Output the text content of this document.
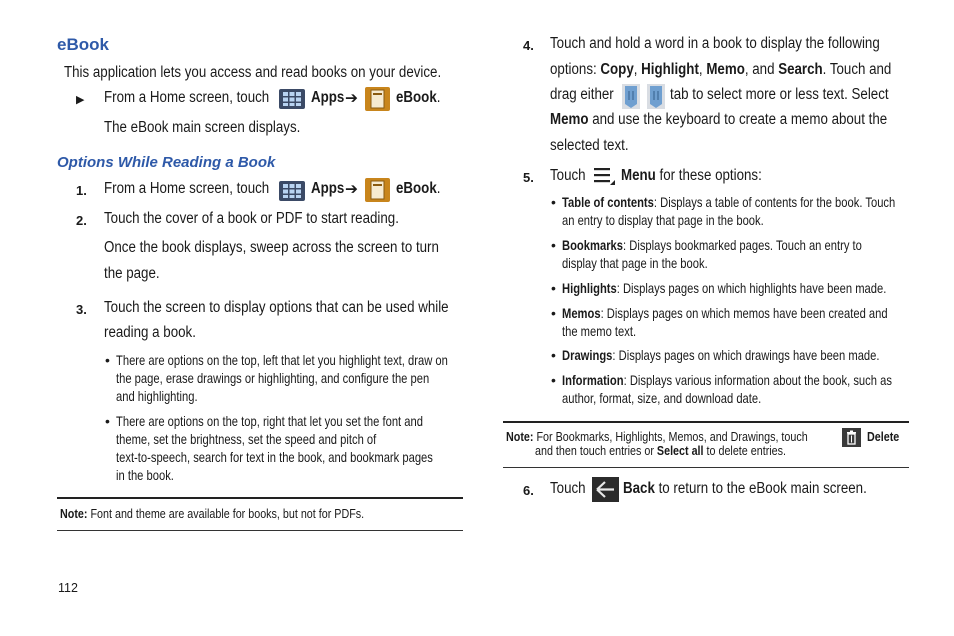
eBook
This application lets you access and read books on your device.
▶ From a Home screen, touch	Apps ➔ eBook.
The eBook main screen displays.
Options While Reading a Book
1. From a Home screen, touch	Apps ➔ eBook.
2. Touch the cover of a book or PDF to start reading.
Once the book displays, sweep across the screen to turn
the page.
3. Touch the screen to display options that can be used while
reading a book.
• There are options on the top, left that let you highlight text, draw on
the page, erase drawings or highlighting, and configure the pen
and highlighting.
• There are options on the top, right that let you set the font and
theme, set the brightness, set the speed and pitch of
text-to-speech, search for text in the book, and bookmark pages
in the book.
Note: Font and theme are available for books, but not for PDFs.
112
4. Touch and hold a word in a book to display the following
options: Copy, Highlight, Memo, and Search. Touch and
drag either	tab to select more or less text. Select
Memo and use the keyboard to create a memo about the
selected text.
5. Touch Menu for these options:
• Table of contents: Displays a table of contents for the book. Touch
an entry to display that page in the book.
• Bookmarks: Displays bookmarked pages. Touch an entry to
display that page in the book.
• Highlights: Displays pages on which highlights have been made.
• Memos: Displays pages on which memos have been created and
the memo text.
• Drawings: Displays pages on which drawings have been made.
• Information: Displays various information about the book, such as
author, format, size, and download date.
Note: For Bookmarks, Highlights, Memos, and Drawings, touch	Delete
and then touch entries or Select all to delete entries.
6. Touch Back to return to the eBook main screen.
